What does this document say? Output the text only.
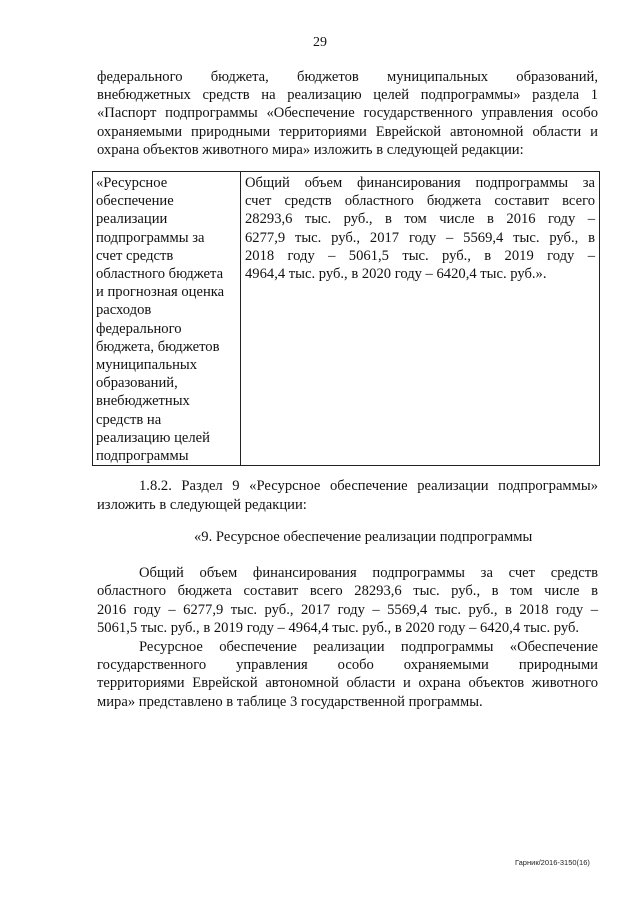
29
федерального бюджета, бюджетов муниципальных образований,
внебюджетных средств на реализацию целей подпрограммы» раздела 1
«Паспорт подпрограммы «Обеспечение государственного управления особо
охраняемыми природными территориями Еврейской автономной области и
охрана объектов животного мира» изложить в следующей редакции:
«Ресурсное
обеспечение
реализации
подпрограммы за
счет средств
областного бюджета
и прогнозная оценка
расходов
федерального
бюджета, бюджетов
муниципальных
образований,
внебюджетных
средств на
реализацию целей
подпрограммы

Общий объем финансирования подпрограммы за
счет средств областного бюджета составит всего
28293,6 тыс. руб., в том числе в 2016 году –
6277,9 тыс. руб., 2017 году – 5569,4 тыс. руб., в
2018 году – 5061,5 тыс. руб., в 2019 году –
4964,4 тыс. руб., в 2020 году – 6420,4 тыс. руб.».
1.8.2. Раздел 9 «Ресурсное обеспечение реализации подпрограммы»
изложить в следующей редакции:
«9. Ресурсное обеспечение реализации подпрограммы
Общий объем финансирования подпрограммы за счет средств
областного бюджета составит всего 28293,6 тыс. руб., в том числе в
2016 году – 6277,9 тыс. руб., 2017 году – 5569,4 тыс. руб., в 2018 году –
5061,5 тыс. руб., в 2019 году – 4964,4 тыс. руб., в 2020 году – 6420,4 тыс. руб.
Ресурсное обеспечение реализации подпрограммы «Обеспечение
государственного управления особо охраняемыми природными
территориями Еврейской автономной области и охрана объектов животного
мира» представлено в таблице 3 государственной программы.
Гарник/2016-3150(16)
